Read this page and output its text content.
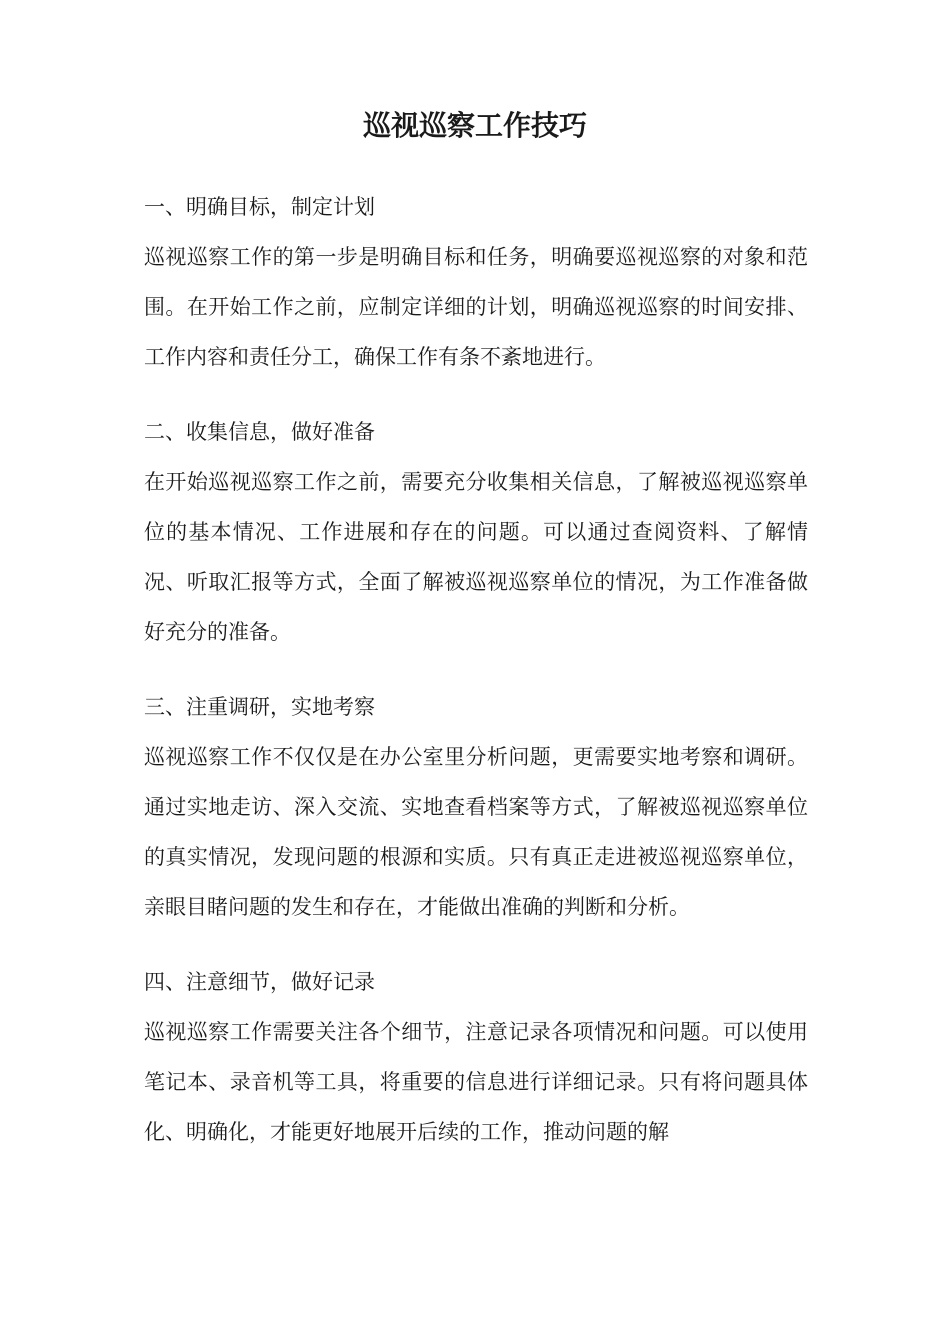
巡视巡察工作技巧

一、明确目标，制定计划

巡视巡察工作的第一步是明确目标和任务，明确要巡视巡察的对象和范围。在开始工作之前，应制定详细的计划，明确巡视巡察的时间安排、工作内容和责任分工，确保工作有条不紊地进行。

二、收集信息，做好准备

在开始巡视巡察工作之前，需要充分收集相关信息，了解被巡视巡察单位的基本情况、工作进展和存在的问题。可以通过查阅资料、了解情况、听取汇报等方式，全面了解被巡视巡察单位的情况，为工作准备做好充分的准备。

三、注重调研，实地考察

巡视巡察工作不仅仅是在办公室里分析问题，更需要实地考察和调研。通过实地走访、深入交流、实地查看档案等方式，了解被巡视巡察单位的真实情况，发现问题的根源和实质。只有真正走进被巡视巡察单位，亲眼目睹问题的发生和存在，才能做出准确的判断和分析。

四、注意细节，做好记录

巡视巡察工作需要关注各个细节，注意记录各项情况和问题。可以使用笔记本、录音机等工具，将重要的信息进行详细记录。只有将问题具体化、明确化，才能更好地展开后续的工作，推动问题的解
